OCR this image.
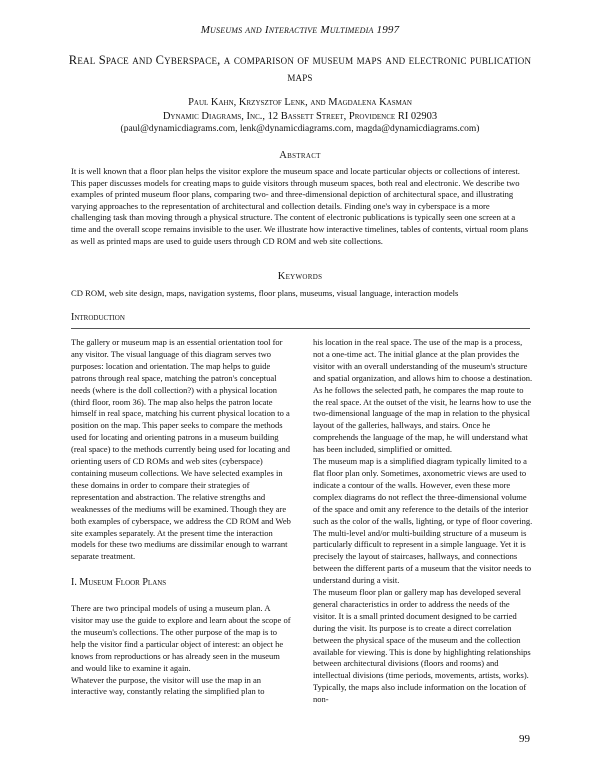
Museums and Interactive Multimedia 1997
Real Space and Cyberspace, a comparison of museum maps and electronic publication maps
Paul Kahn, Krzysztof Lenk, and Magdalena Kasman
Dynamic Diagrams, Inc., 12 Bassett Street, Providence RI 02903
(paul@dynamicdiagrams.com, lenk@dynamicdiagrams.com, magda@dynamicdiagrams.com)
Abstract
It is well known that a floor plan helps the visitor explore the museum space and locate particular objects or collections of interest. This paper discusses models for creating maps to guide visitors through museum spaces, both real and electronic. We describe two examples of printed museum floor plans, comparing two- and three-dimensional depiction of architectural space, and illustrating varying approaches to the representation of architectural and collection details. Finding one's way in cyberspace is a more challenging task than moving through a physical structure. The content of electronic publications is typically seen one screen at a time and the overall scope remains invisible to the user. We illustrate how interactive timelines, tables of contents, virtual room plans as well as printed maps are used to guide users through CD ROM and web site collections.
Keywords
CD ROM, web site design, maps, navigation systems, floor plans, museums, visual language, interaction models
Introduction

The gallery or museum map is an essential orientation tool for any visitor. The visual language of this diagram serves two purposes: location and orientation. The map helps to guide patrons through real space, matching the patron's conceptual needs (where is the doll collection?) with a physical location (third floor, room 36). The map also helps the patron locate himself in real space, matching his current physical location to a position on the map. This paper seeks to compare the methods used for locating and orienting patrons in a museum building (real space) to the methods currently being used for locating and orienting users of CD ROMs and web sites (cyberspace) containing museum collections. We have selected examples in these domains in order to compare their strategies of representation and abstraction. The relative strengths and weaknesses of the mediums will be examined. Though they are both examples of cyberspace, we address the CD ROM and Web site examples separately. At the present time the interaction models for these two mediums are dissimilar enough to warrant separate treatment.

I. Museum Floor Plans

There are two principal models of using a museum plan. A visitor may use the guide to explore and learn about the scope of the museum's collections. The other purpose of the map is to help the visitor find a particular object of interest: an object he knows from reproductions or has already seen in the museum and would like to examine it again.

Whatever the purpose, the visitor will use the map in an interactive way, constantly relating the simplified plan to

his location in the real space. The use of the map is a process, not a one-time act. The initial glance at the plan provides the visitor with an overall understanding of the museum's structure and spatial organization, and allows him to choose a destination. As he follows the selected path, he compares the map route to the real space. At the outset of the visit, he learns how to use the two-dimensional language of the map in relation to the physical layout of the galleries, hallways, and stairs. Once he comprehends the language of the map, he will understand what has been included, simplified or omitted.

The museum map is a simplified diagram typically limited to a flat floor plan only. Sometimes, axonometric views are used to indicate a contour of the walls. However, even these more complex diagrams do not reflect the three-dimensional volume of the space and omit any reference to the details of the interior such as the color of the walls, lighting, or type of floor covering. The multi-level and/or multi-building structure of a museum is particularly difficult to represent in a simple language. Yet it is precisely the layout of staircases, hallways, and connections between the different parts of a museum that the visitor needs to understand during a visit.

The museum floor plan or gallery map has developed several general characteristics in order to address the needs of the visitor. It is a small printed document designed to be carried during the visit. Its purpose is to create a direct correlation between the physical space of the museum and the collection available for viewing. This is done by highlighting relationships between architectural divisions (floors and rooms) and intellectual divisions (time periods, movements, artists, works). Typically, the maps also include information on the location of non-

99
